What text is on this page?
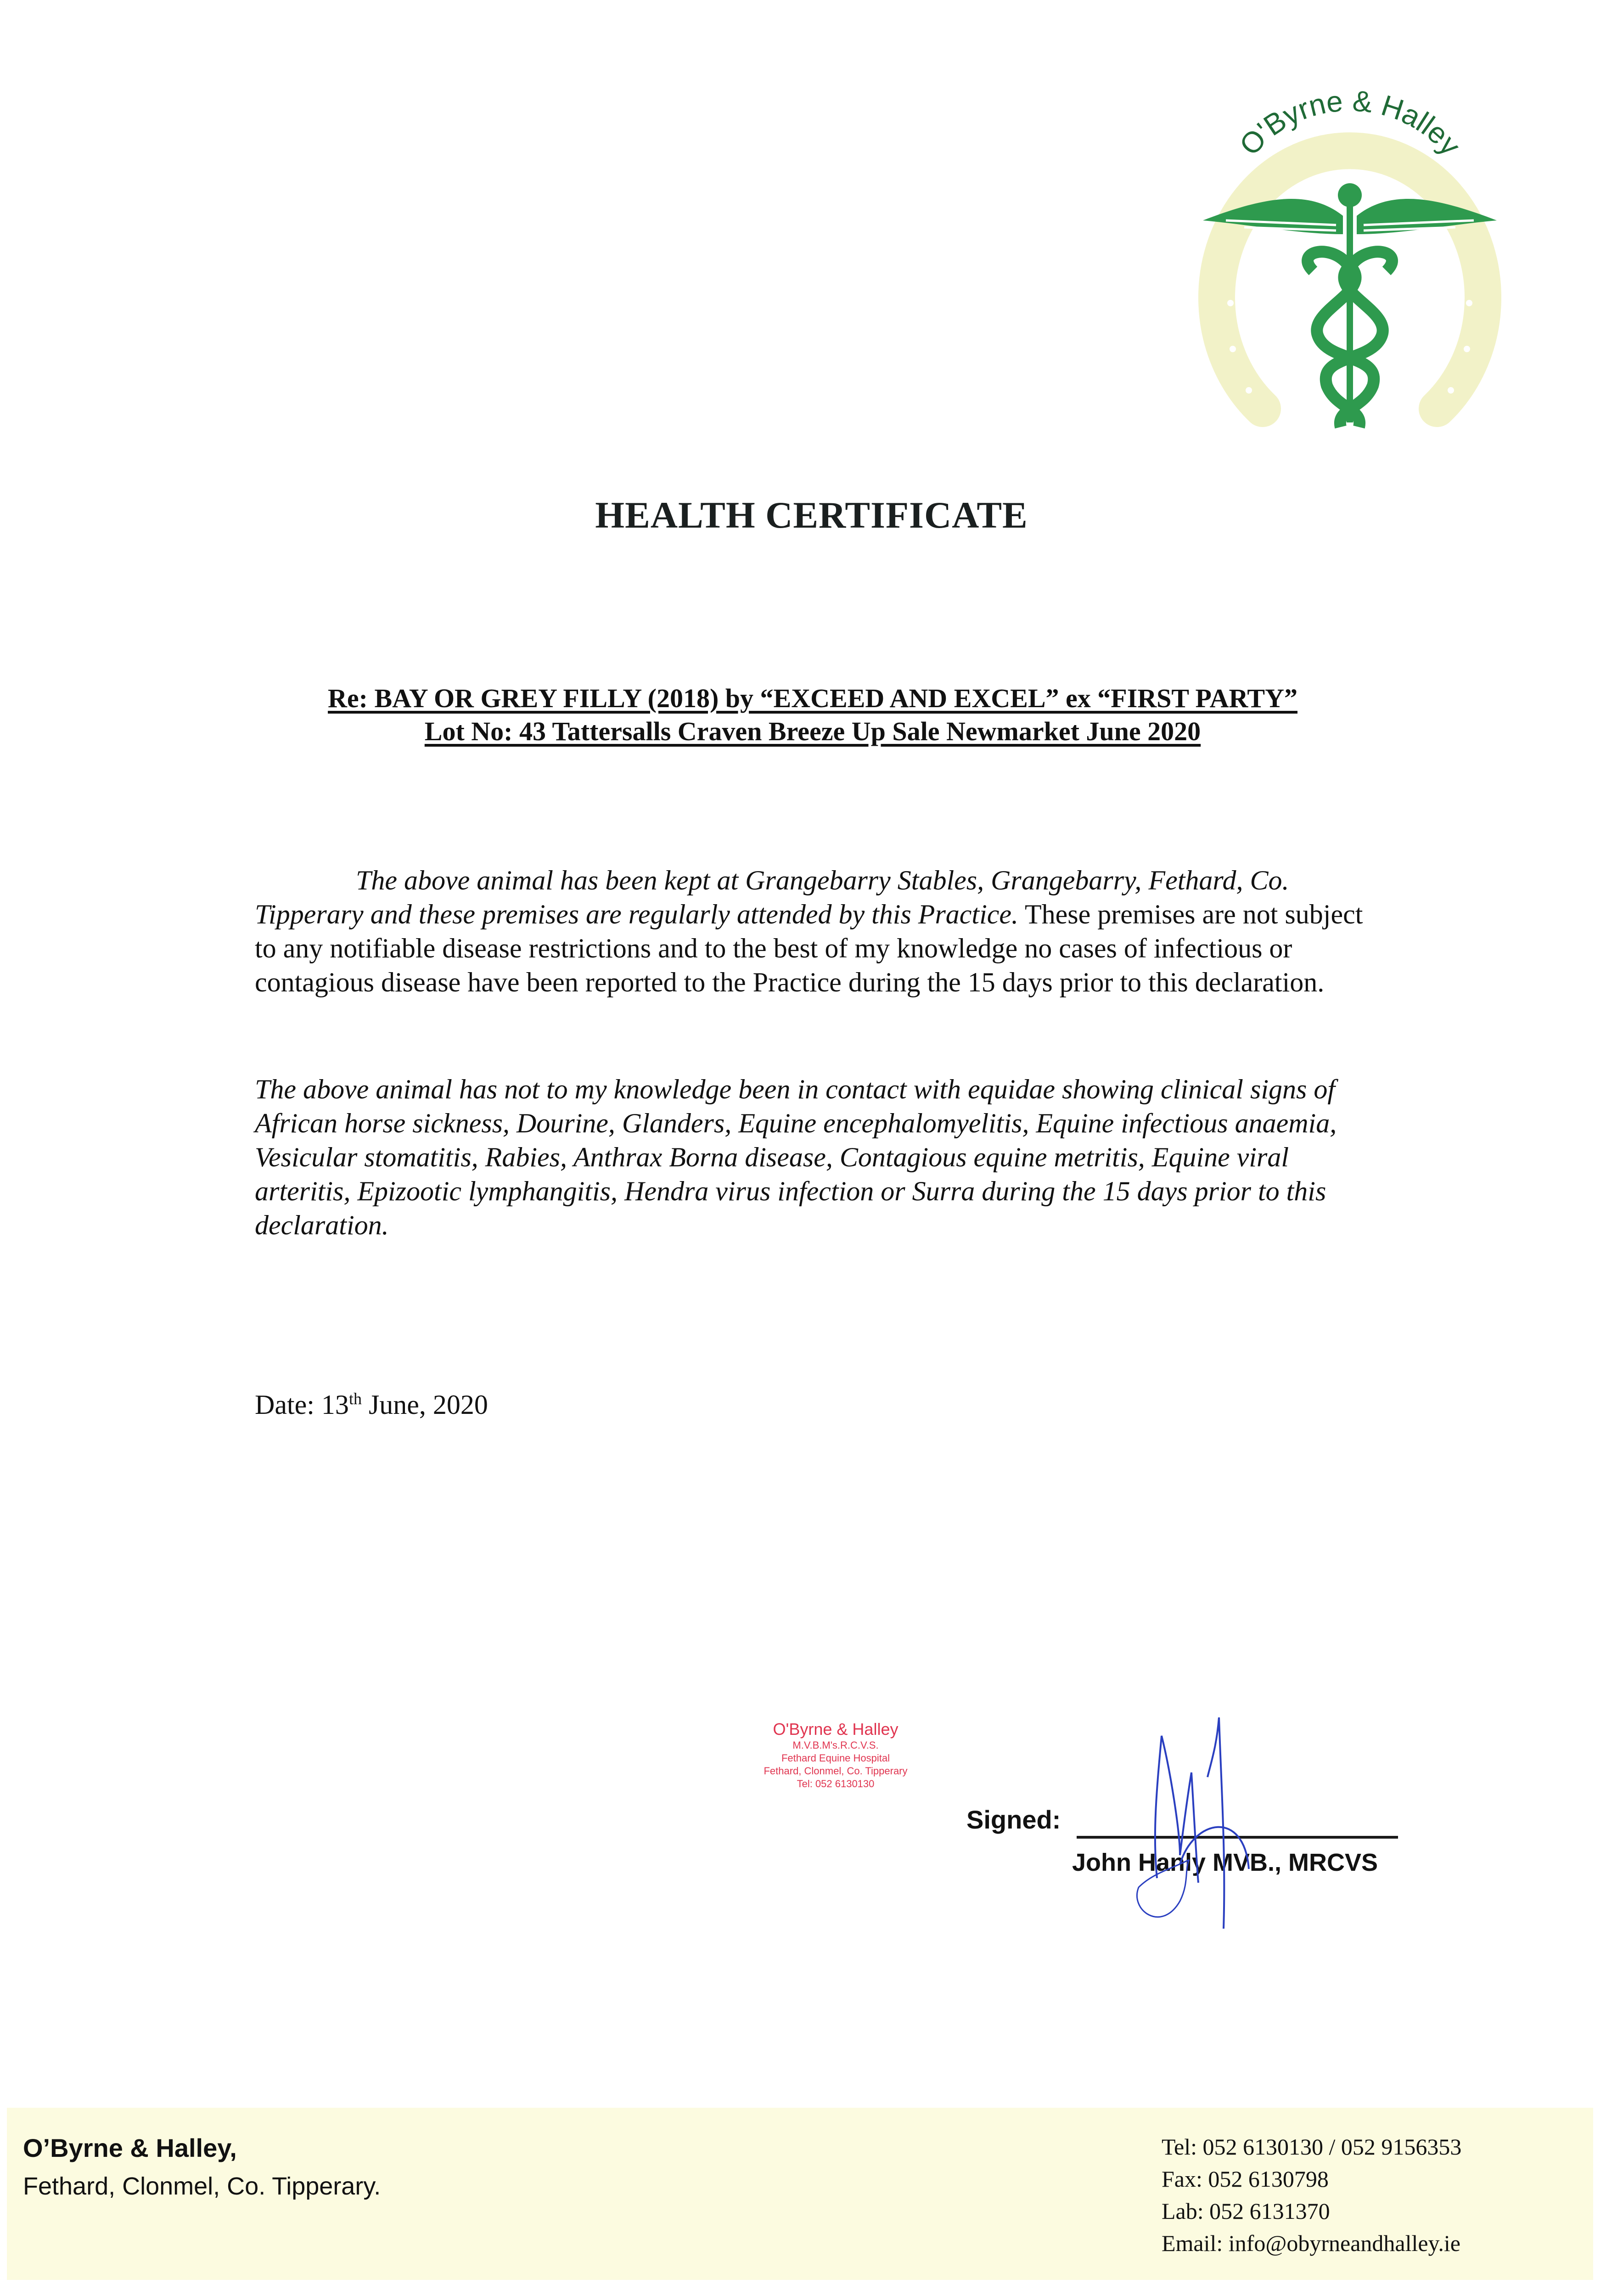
O'Byrne & Halley
HEALTH CERTIFICATE
Re: BAY OR GREY FILLY (2018) by “EXCEED AND EXCEL” ex “FIRST PARTY”
Lot No: 43 Tattersalls Craven Breeze Up Sale Newmarket June 2020
The above animal has been kept at Grangebarry Stables, Grangebarry, Fethard, Co. Tipperary and these premises are regularly attended by this Practice. These premises are not subject to any notifiable disease restrictions and to the best of my knowledge no cases of infectious or contagious disease have been reported to the Practice during the 15 days prior to this declaration.
The above animal has not to my knowledge been in contact with equidae showing clinical signs of African horse sickness, Dourine, Glanders, Equine encephalomyelitis, Equine infectious anaemia, Vesicular stomatitis, Rabies, Anthrax Borna disease, Contagious equine metritis, Equine viral arteritis, Epizootic lymphangitis, Hendra virus infection or Surra during the 15 days prior to this declaration.
Date: 13th June, 2020
O'Byrne & Halley
M.V.B.M's.R.C.V.S.
Fethard Equine Hospital
Fethard, Clonmel, Co. Tipperary
Tel: 052 6130130
Signed:
John Hanly MVB., MRCVS
O’Byrne & Halley,
Fethard, Clonmel, Co. Tipperary.
Tel: 052 6130130 / 052 9156353
Fax: 052 6130798
Lab: 052 6131370
Email: info@obyrneandhalley.ie
